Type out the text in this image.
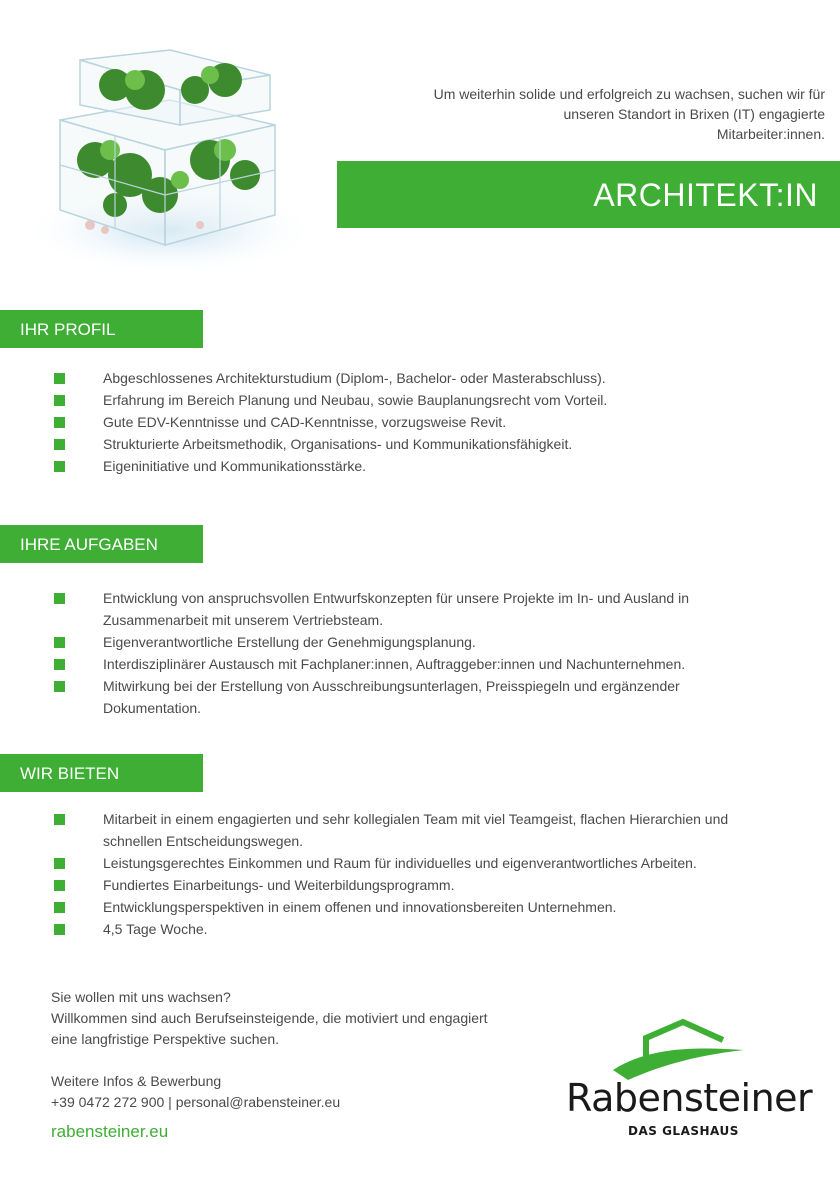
Um weiterhin solide und erfolgreich zu wachsen, suchen wir für
unseren Standort in Brixen (IT) engagierte
Mitarbeiter:innen.
ARCHITEKT:IN
IHR PROFIL
Abgeschlossenes Architekturstudium (Diplom-, Bachelor- oder Masterabschluss).
Erfahrung im Bereich Planung und Neubau, sowie Bauplanungsrecht vom Vorteil.
Gute EDV-Kenntnisse und CAD-Kenntnisse, vorzugsweise Revit.
Strukturierte Arbeitsmethodik, Organisations- und Kommunikationsfähigkeit.
Eigeninitiative und Kommunikationsstärke.
IHRE AUFGABEN
Entwicklung von anspruchsvollen Entwurfskonzepten für unsere Projekte im In- und Ausland in Zusammenarbeit mit unserem Vertriebsteam.
Eigenverantwortliche Erstellung der Genehmigungsplanung.
Interdisziplinärer Austausch mit Fachplaner:innen, Auftraggeber:innen und Nachunternehmen.
Mitwirkung bei der Erstellung von Ausschreibungsunterlagen, Preisspiegeln und ergänzender Dokumentation.
WIR BIETEN
Mitarbeit in einem engagierten und sehr kollegialen Team mit viel Teamgeist, flachen Hierarchien und schnellen Entscheidungswegen.
Leistungsgerechtes Einkommen und Raum für individuelles und eigenverantwortliches Arbeiten.
Fundiertes Einarbeitungs- und Weiterbildungsprogramm.
Entwicklungsperspektiven in einem offenen und innovationsbereiten Unternehmen.
4,5 Tage Woche.

Sie wollen mit uns wachsen?

Willkommen sind auch Berufseinsteigende, die motiviert und engagiert

eine langfristige Perspektive suchen.

Weitere Infos & Bewerbung

+39 0472 272 900 | personal@rabensteiner.eu

rabensteiner.eu
Rabensteiner
DAS GLASHAUS
